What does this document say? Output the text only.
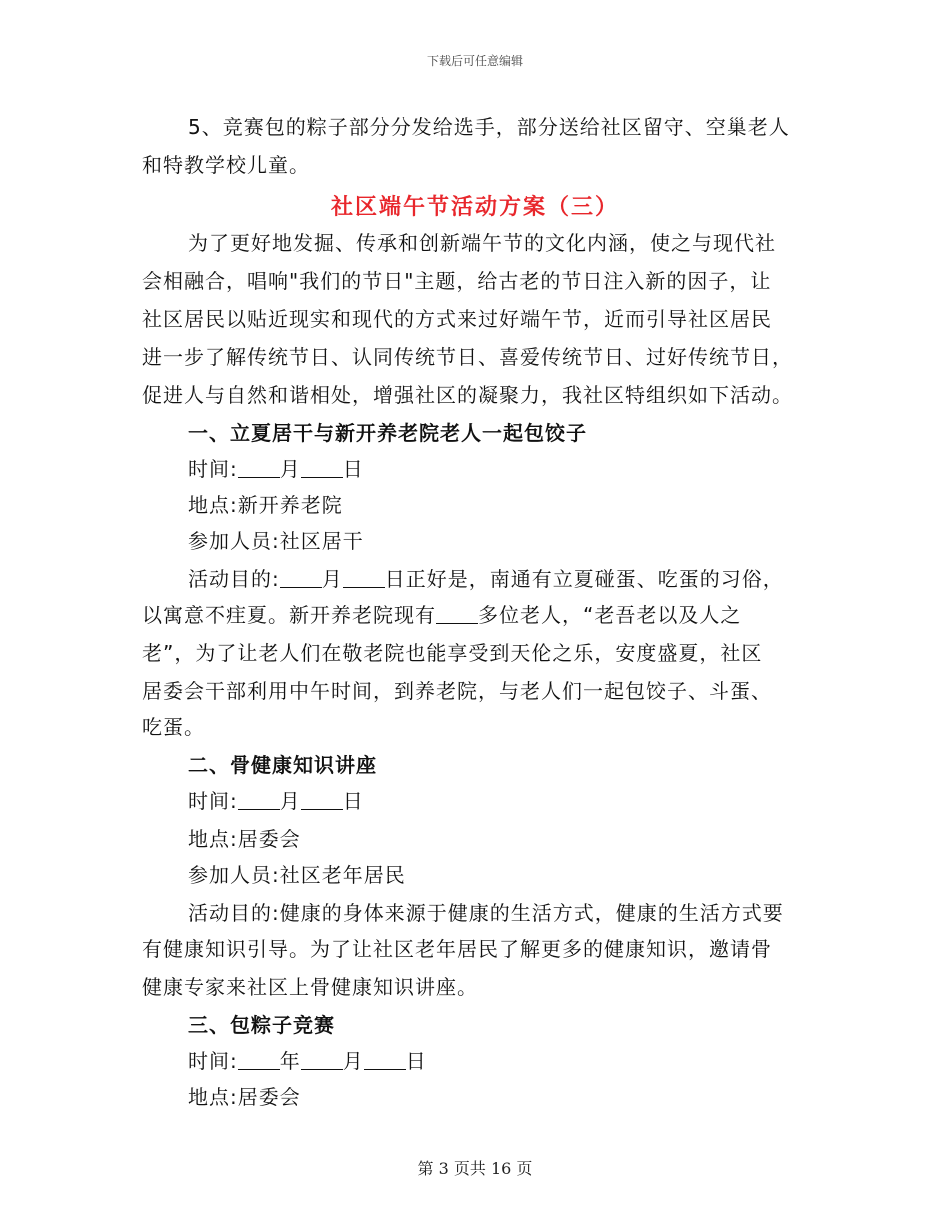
下载后可任意编辑
5、竞赛包的粽子部分分发给选手，部分送给社区留守、空巢老人
和特教学校儿童。
社区端午节活动方案（三）
为了更好地发掘、传承和创新端午节的文化内涵，使之与现代社
会相融合，唱响"我们的节日"主题，给古老的节日注入新的因子，让
社区居民以贴近现实和现代的方式来过好端午节，近而引导社区居民
进一步了解传统节日、认同传统节日、喜爱传统节日、过好传统节日，
促进人与自然和谐相处，增强社区的凝聚力，我社区特组织如下活动。
一、立夏居干与新开养老院老人一起包饺子
时间: 月 日
地点:新开养老院
参加人员:社区居干
活动目的: 月 日正好是，南通有立夏碰蛋、吃蛋的习俗，
以寓意不疰夏。新开养老院现有 多位老人，“老吾老以及人之
老”，为了让老人们在敬老院也能享受到天伦之乐，安度盛夏，社区
居委会干部利用中午时间，到养老院，与老人们一起包饺子、斗蛋、
吃蛋。
二、骨健康知识讲座
时间: 月 日
地点:居委会
参加人员:社区老年居民
活动目的:健康的身体来源于健康的生活方式，健康的生活方式要
有健康知识引导。为了让社区老年居民了解更多的健康知识，邀请骨
健康专家来社区上骨健康知识讲座。
三、包粽子竞赛
时间: 年 月 日
地点:居委会
第 3 页共 16 页
